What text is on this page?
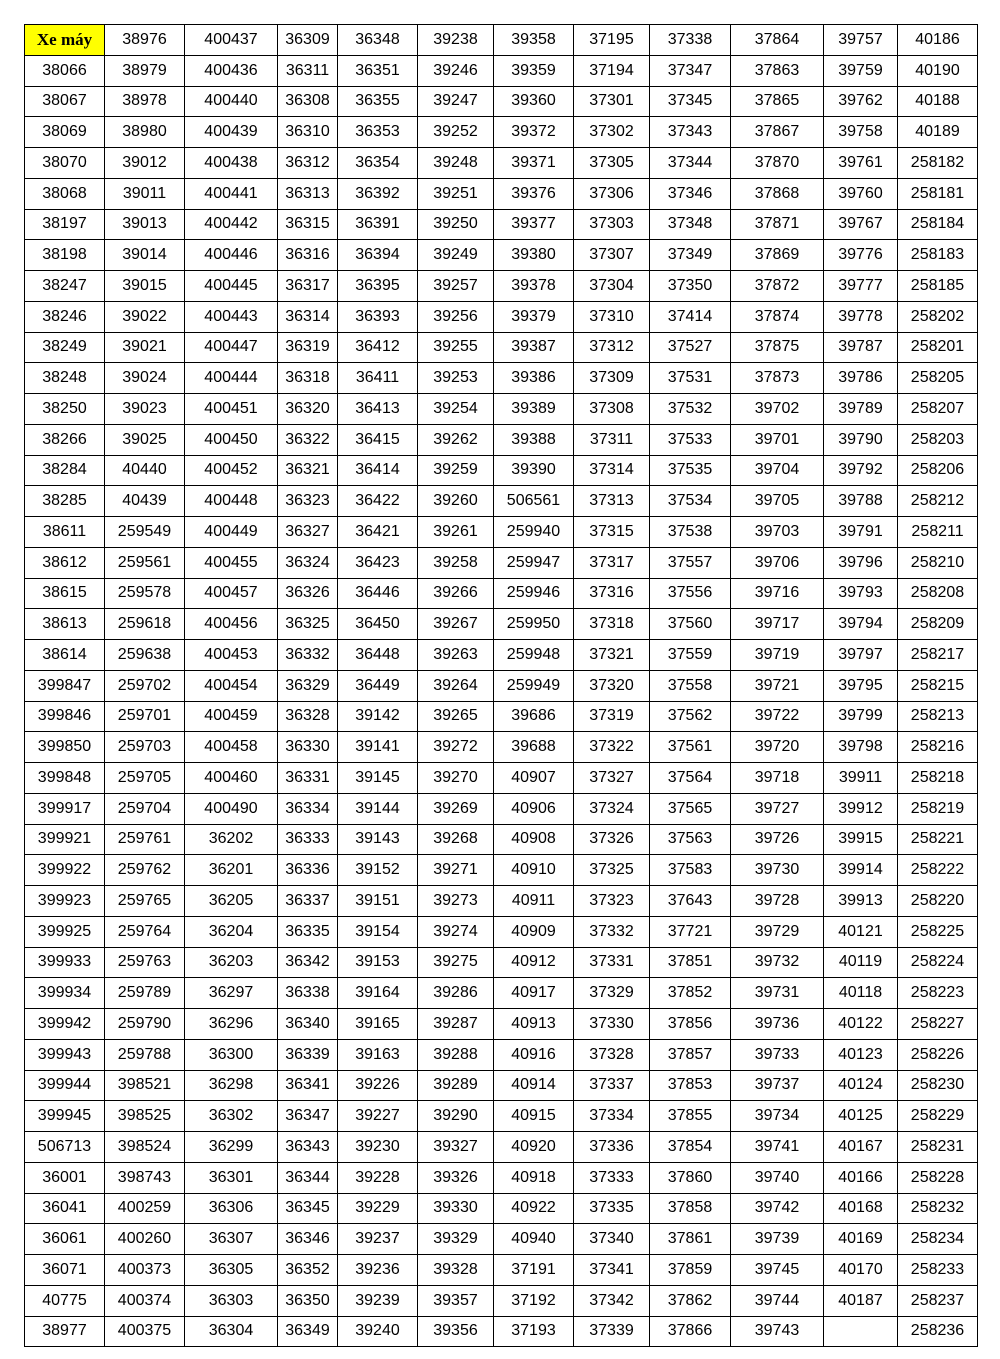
Xe máy	38976	400437	36309	36348	39238	39358	37195	37338	37864	39757	40186
38066	38979	400436	36311	36351	39246	39359	37194	37347	37863	39759	40190
38067	38978	400440	36308	36355	39247	39360	37301	37345	37865	39762	40188
38069	38980	400439	36310	36353	39252	39372	37302	37343	37867	39758	40189
38070	39012	400438	36312	36354	39248	39371	37305	37344	37870	39761	258182
38068	39011	400441	36313	36392	39251	39376	37306	37346	37868	39760	258181
38197	39013	400442	36315	36391	39250	39377	37303	37348	37871	39767	258184
38198	39014	400446	36316	36394	39249	39380	37307	37349	37869	39776	258183
38247	39015	400445	36317	36395	39257	39378	37304	37350	37872	39777	258185
38246	39022	400443	36314	36393	39256	39379	37310	37414	37874	39778	258202
38249	39021	400447	36319	36412	39255	39387	37312	37527	37875	39787	258201
38248	39024	400444	36318	36411	39253	39386	37309	37531	37873	39786	258205
38250	39023	400451	36320	36413	39254	39389	37308	37532	39702	39789	258207
38266	39025	400450	36322	36415	39262	39388	37311	37533	39701	39790	258203
38284	40440	400452	36321	36414	39259	39390	37314	37535	39704	39792	258206
38285	40439	400448	36323	36422	39260	506561	37313	37534	39705	39788	258212
38611	259549	400449	36327	36421	39261	259940	37315	37538	39703	39791	258211
38612	259561	400455	36324	36423	39258	259947	37317	37557	39706	39796	258210
38615	259578	400457	36326	36446	39266	259946	37316	37556	39716	39793	258208
38613	259618	400456	36325	36450	39267	259950	37318	37560	39717	39794	258209
38614	259638	400453	36332	36448	39263	259948	37321	37559	39719	39797	258217
399847	259702	400454	36329	36449	39264	259949	37320	37558	39721	39795	258215
399846	259701	400459	36328	39142	39265	39686	37319	37562	39722	39799	258213
399850	259703	400458	36330	39141	39272	39688	37322	37561	39720	39798	258216
399848	259705	400460	36331	39145	39270	40907	37327	37564	39718	39911	258218
399917	259704	400490	36334	39144	39269	40906	37324	37565	39727	39912	258219
399921	259761	36202	36333	39143	39268	40908	37326	37563	39726	39915	258221
399922	259762	36201	36336	39152	39271	40910	37325	37583	39730	39914	258222
399923	259765	36205	36337	39151	39273	40911	37323	37643	39728	39913	258220
399925	259764	36204	36335	39154	39274	40909	37332	37721	39729	40121	258225
399933	259763	36203	36342	39153	39275	40912	37331	37851	39732	40119	258224
399934	259789	36297	36338	39164	39286	40917	37329	37852	39731	40118	258223
399942	259790	36296	36340	39165	39287	40913	37330	37856	39736	40122	258227
399943	259788	36300	36339	39163	39288	40916	37328	37857	39733	40123	258226
399944	398521	36298	36341	39226	39289	40914	37337	37853	39737	40124	258230
399945	398525	36302	36347	39227	39290	40915	37334	37855	39734	40125	258229
506713	398524	36299	36343	39230	39327	40920	37336	37854	39741	40167	258231
36001	398743	36301	36344	39228	39326	40918	37333	37860	39740	40166	258228
36041	400259	36306	36345	39229	39330	40922	37335	37858	39742	40168	258232
36061	400260	36307	36346	39237	39329	40940	37340	37861	39739	40169	258234
36071	400373	36305	36352	39236	39328	37191	37341	37859	39745	40170	258233
40775	400374	36303	36350	39239	39357	37192	37342	37862	39744	40187	258237
38977	400375	36304	36349	39240	39356	37193	37339	37866	39743		258236
